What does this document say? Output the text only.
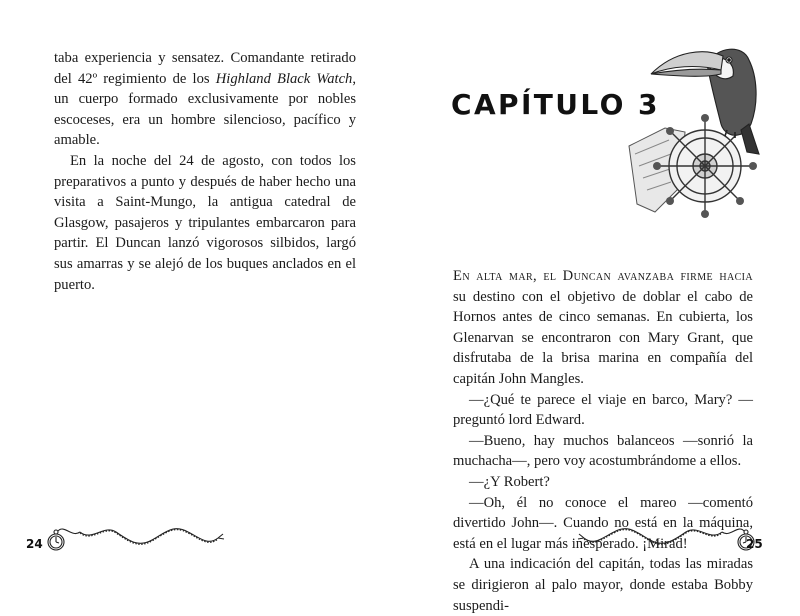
taba experiencia y sensatez. Comandante retirado del 42º regimiento de los Highland Black Watch, un cuerpo formado exclusivamente por nobles escoceses, era un hombre silencioso, pacífico y amable.

En la noche del 24 de agosto, con todos los preparativos a punto y después de haber hecho una visita a Saint-Mungo, la antigua catedral de Glasgow, pasajeros y tripulantes embarcaron para partir. El Duncan lanzó vigorosos silbidos, largó sus amarras y se alejó de los buques anclados en el puerto.

24
CAPÍTULO 3

En alta mar, el Duncan avanzaba firme hacia su destino con el objetivo de doblar el cabo de Hornos antes de cinco semanas. En cubierta, los Glenarvan se encontraron con Mary Grant, que disfrutaba de la brisa marina en compañía del capitán John Mangles.

—¿Qué te parece el viaje en barco, Mary? —preguntó lord Edward.

—Bueno, hay muchos balanceos —sonrió la muchacha—, pero voy acostumbrándome a ellos.

—¿Y Robert?

—Oh, él no conoce el mareo —comentó divertido John—. Cuando no está en la máquina, está en el lugar más inesperado. ¡Mirad!

A una indicación del capitán, todas las miradas se dirigieron al palo mayor, donde estaba Bobby suspendi-

25
